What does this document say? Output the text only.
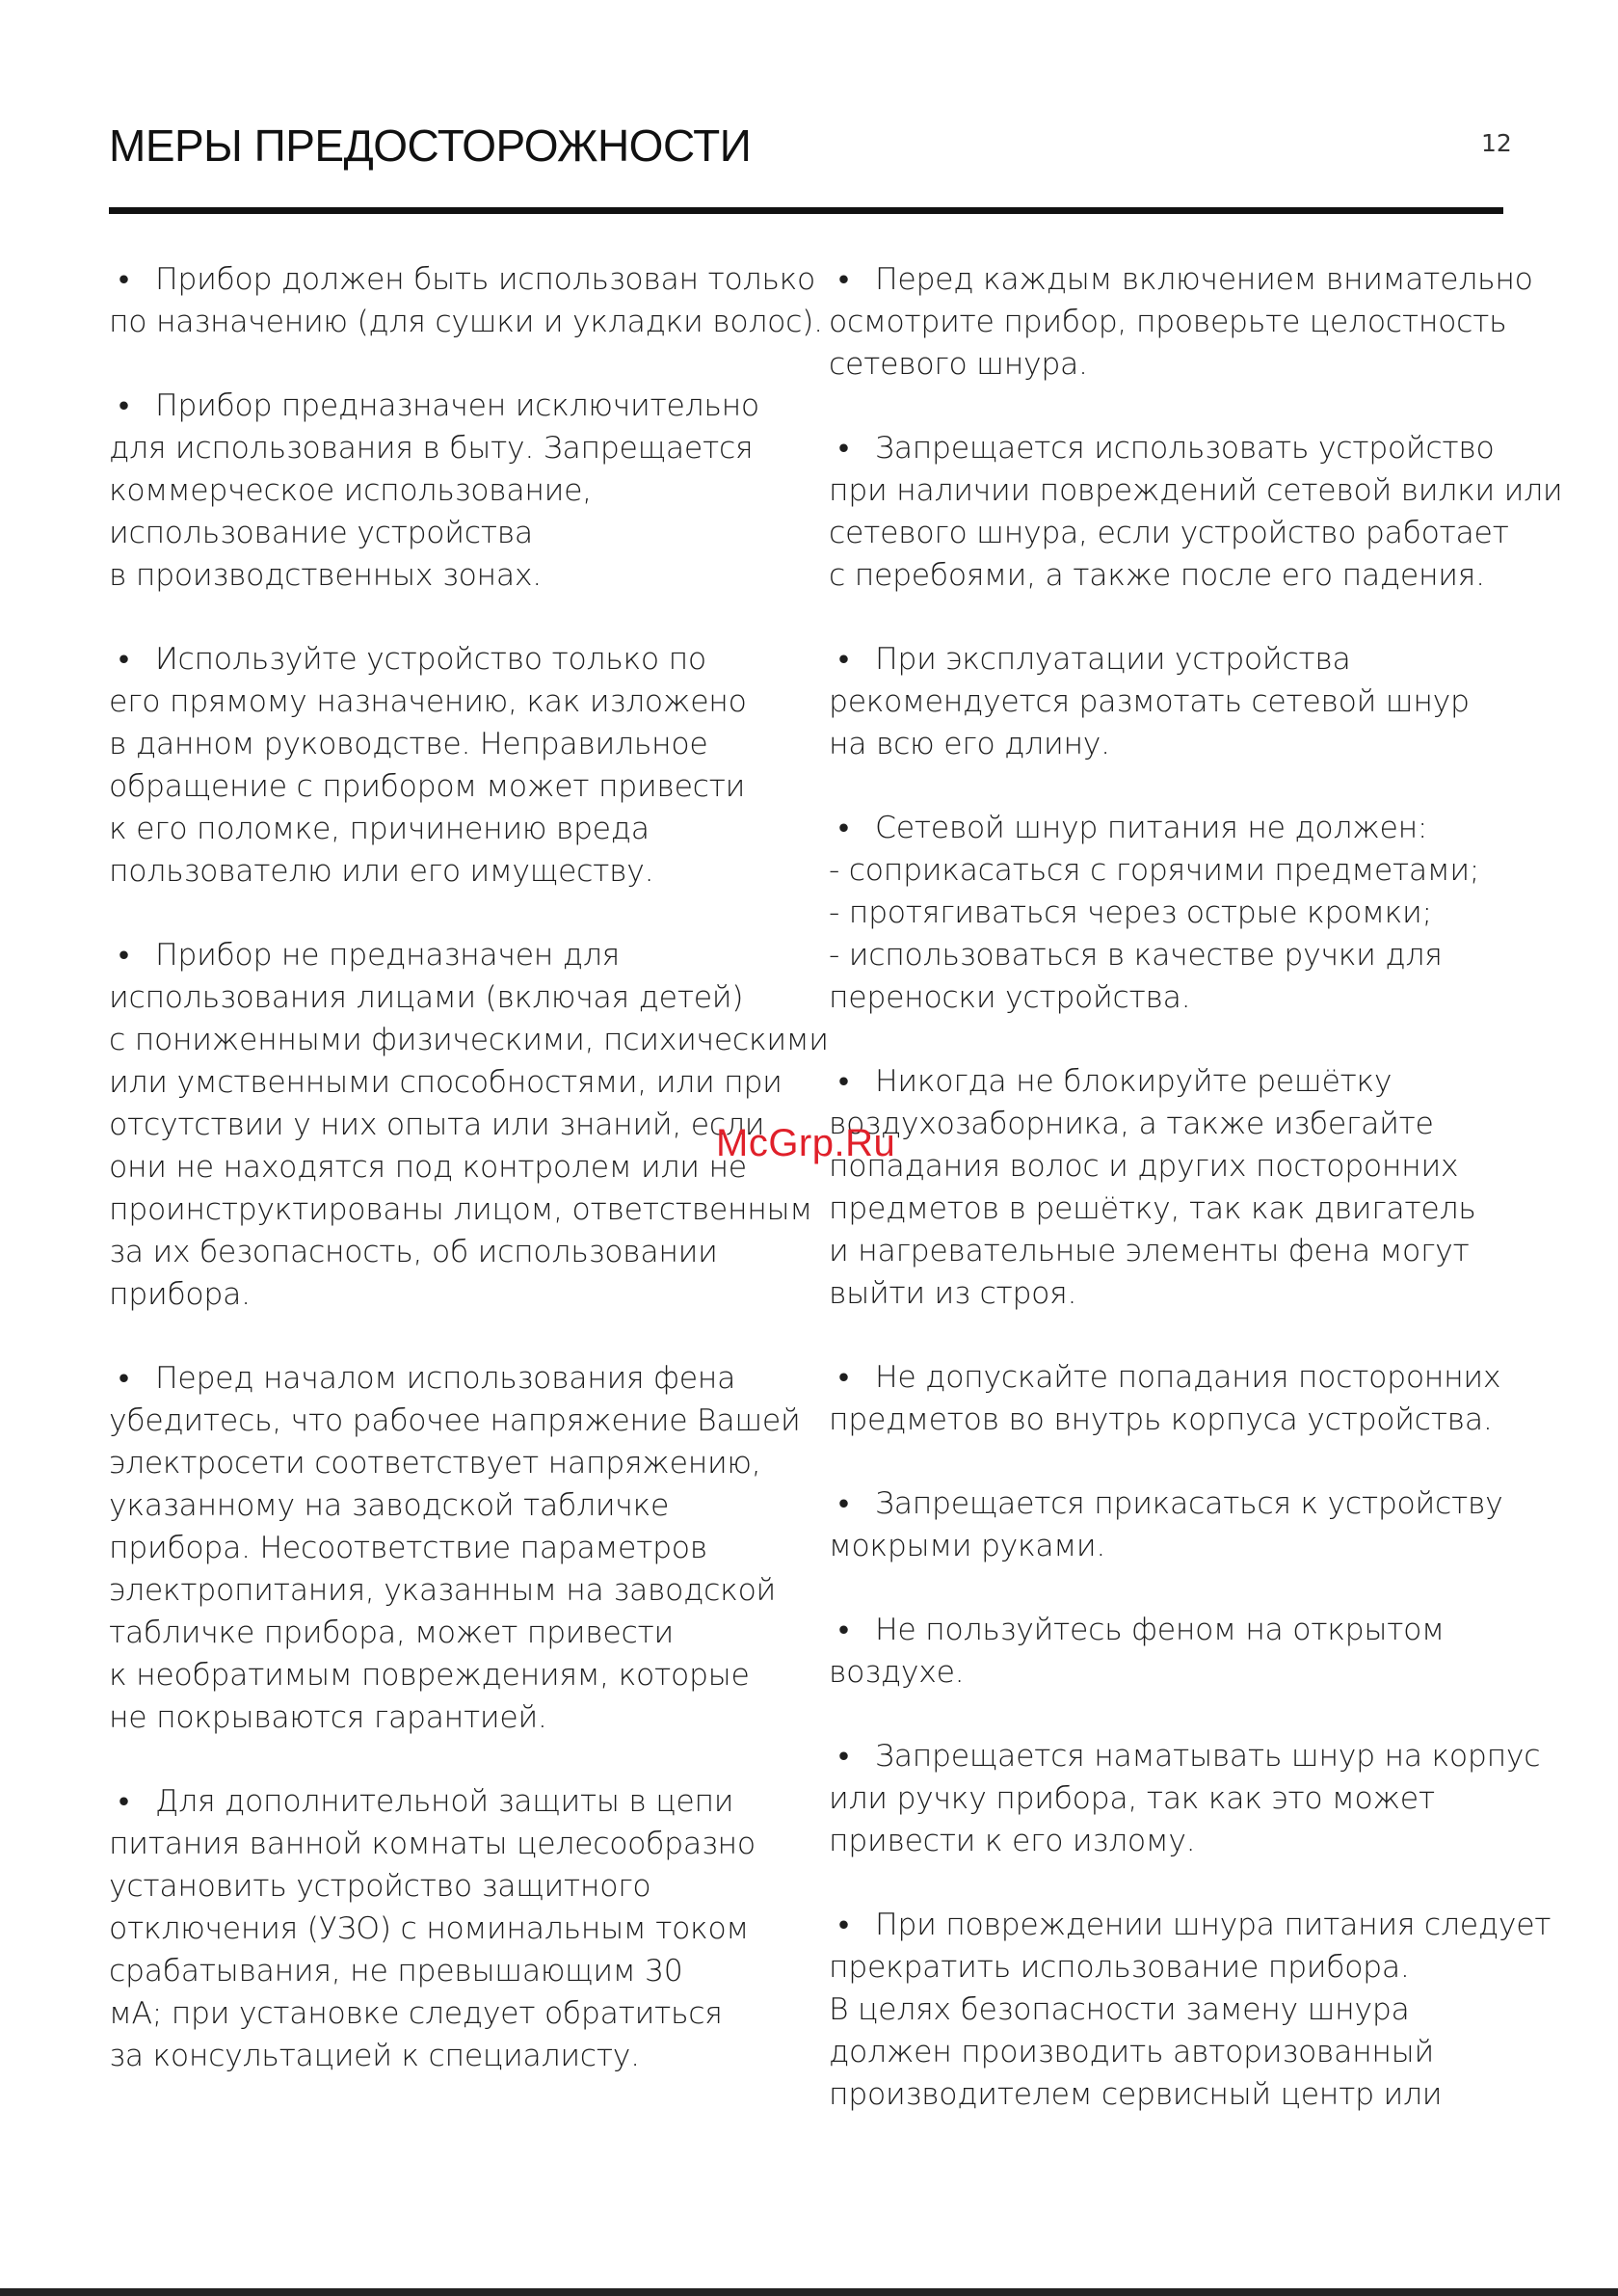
МЕРЫ ПРЕДОСТОРОЖНОСТИ	12
• Прибор должен быть использован только
по назначению (для сушки и укладки волос).
• Прибор предназначен исключительно
для использования в быту. Запрещается
коммерческое использование,
использование устройства
в производственных зонах.
• Используйте устройство только по
его прямому назначению, как изложено
в данном руководстве. Неправильное
обращение с прибором может привести
к его поломке, причинению вреда
пользователю или его имуществу.
• Прибор не предназначен для
использования лицами (включая детей)
с пониженными физическими, психическими
или умственными способностями, или при
отсутствии у них опыта или знаний, если
они не находятся под контролем или не
проинструктированы лицом, ответственным
за их безопасность, об использовании
прибора.
• Перед началом использования фена
убедитесь, что рабочее напряжение Вашей
электросети соответствует напряжению,
указанному на заводской табличке
прибора. Несоответствие параметров
электропитания, указанным на заводской
табличке прибора, может привести
к необратимым повреждениям, которые
не покрываются гарантией.
• Для дополнительной защиты в цепи
питания ванной комнаты целесообразно
установить устройство защитного
отключения (УЗО) с номинальным током
срабатывания, не превышающим 30
мА; при установке следует обратиться
за консультацией к специалисту.
• Перед каждым включением внимательно
осмотрите прибор, проверьте целостность
сетевого шнура.
• Запрещается использовать устройство
при наличии повреждений сетевой вилки или
сетевого шнура, если устройство работает
с перебоями, а также после его падения.
• При эксплуатации устройства
рекомендуется размотать сетевой шнур
на всю его длину.
• Сетевой шнур питания не должен:
- соприкасаться с горячими предметами;
- протягиваться через острые кромки;
- использоваться в качестве ручки для
переноски устройства.
• Никогда не блокируйте решётку
воздухозаборника, а также избегайте
попадания волос и других посторонних
предметов в решётку, так как двигатель
и нагревательные элементы фена могут
выйти из строя.
• Не допускайте попадания посторонних
предметов во внутрь корпуса устройства.
• Запрещается прикасаться к устройству
мокрыми руками.
• Не пользуйтесь феном на открытом
воздухе.
• Запрещается наматывать шнур на корпус
или ручку прибора, так как это может
привести к его излому.
• При повреждении шнура питания следует
прекратить использование прибора.
В целях безопасности замену шнура
должен производить авторизованный
производителем сервисный центр или
McGrp.Ru
